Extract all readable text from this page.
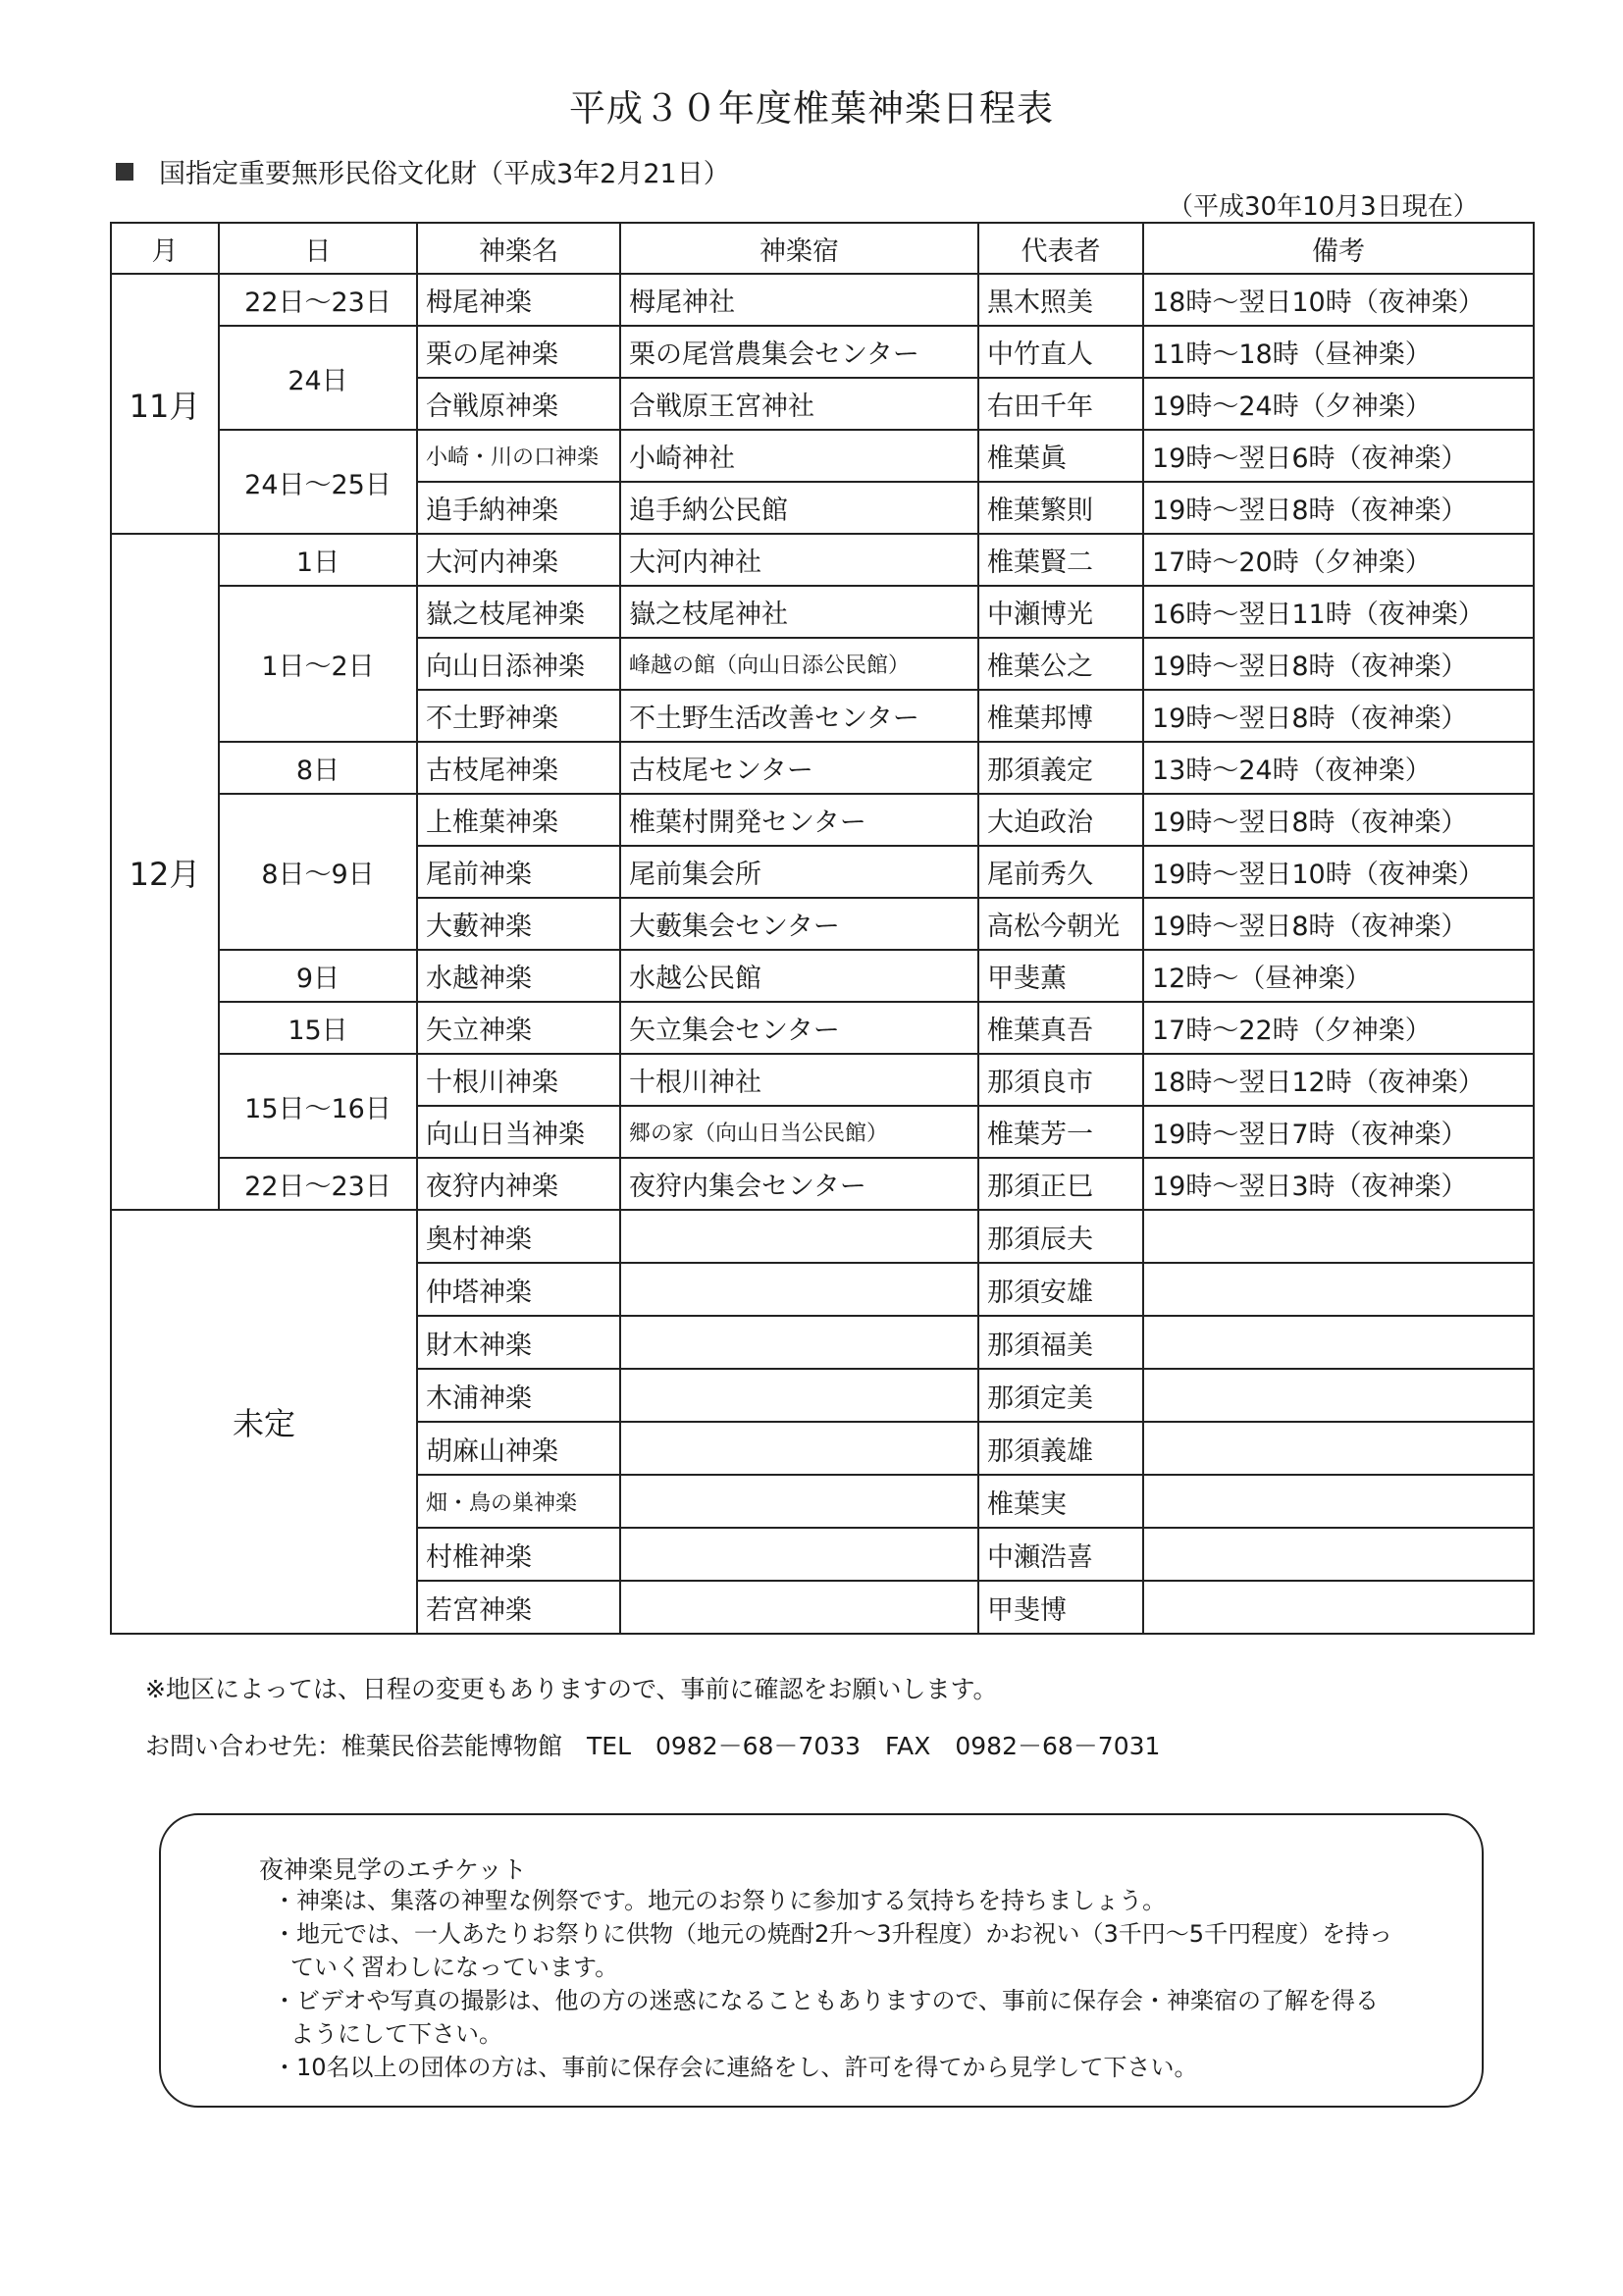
平成３０年度椎葉神楽日程表
国指定重要無形民俗文化財（平成3年2月21日）
（平成30年10月3日現在）
月	日	神楽名	神楽宿	代表者	備考
11月	22日～23日	栂尾神楽	栂尾神社	黒木照美	18時～翌日10時（夜神楽）
	24日	栗の尾神楽	栗の尾営農集会センター	中竹直人	11時～18時（昼神楽）
		合戦原神楽	合戦原王宮神社	右田千年	19時～24時（夕神楽）
	24日～25日	小崎・川の口神楽	小崎神社	椎葉眞	19時～翌日6時（夜神楽）
		追手納神楽	追手納公民館	椎葉繁則	19時～翌日8時（夜神楽）
12月	1日	大河内神楽	大河内神社	椎葉賢二	17時～20時（夕神楽）
	1日～2日	嶽之枝尾神楽	嶽之枝尾神社	中瀬博光	16時～翌日11時（夜神楽）
		向山日添神楽	峰越の館（向山日添公民館）	椎葉公之	19時～翌日8時（夜神楽）
		不土野神楽	不土野生活改善センター	椎葉邦博	19時～翌日8時（夜神楽）
	8日	古枝尾神楽	古枝尾センター	那須義定	13時～24時（夜神楽）
	8日～9日	上椎葉神楽	椎葉村開発センター	大迫政治	19時～翌日8時（夜神楽）
		尾前神楽	尾前集会所	尾前秀久	19時～翌日10時（夜神楽）
		大藪神楽	大藪集会センター	高松今朝光	19時～翌日8時（夜神楽）
	9日	水越神楽	水越公民館	甲斐薫	12時～（昼神楽）
	15日	矢立神楽	矢立集会センター	椎葉真吾	17時～22時（夕神楽）
	15日～16日	十根川神楽	十根川神社	那須良市	18時～翌日12時（夜神楽）
		向山日当神楽	郷の家（向山日当公民館）	椎葉芳一	19時～翌日7時（夜神楽）
	22日～23日	夜狩内神楽	夜狩内集会センター	那須正巳	19時～翌日3時（夜神楽）
未定		奥村神楽		那須辰夫	
		仲塔神楽		那須安雄	
		財木神楽		那須福美	
		木浦神楽		那須定美	
		胡麻山神楽		那須義雄	
		畑・鳥の巣神楽		椎葉実	
		村椎神楽		中瀬浩喜	
		若宮神楽		甲斐博	
※地区によっては、日程の変更もありますので、事前に確認をお願いします。
お問い合わせ先：椎葉民俗芸能博物館　TEL　0982－68－7033　FAX　0982－68－7031
夜神楽見学のエチケット
・神楽は、集落の神聖な例祭です。地元のお祭りに参加する気持ちを持ちましょう。
・地元では、一人あたりお祭りに供物（地元の焼酎2升～3升程度）かお祝い（3千円～5千円程度）を持っていく習わしになっています。
・ビデオや写真の撮影は、他の方の迷惑になることもありますので、事前に保存会・神楽宿の了解を得るようにして下さい。
・10名以上の団体の方は、事前に保存会に連絡をし、許可を得てから見学して下さい。
